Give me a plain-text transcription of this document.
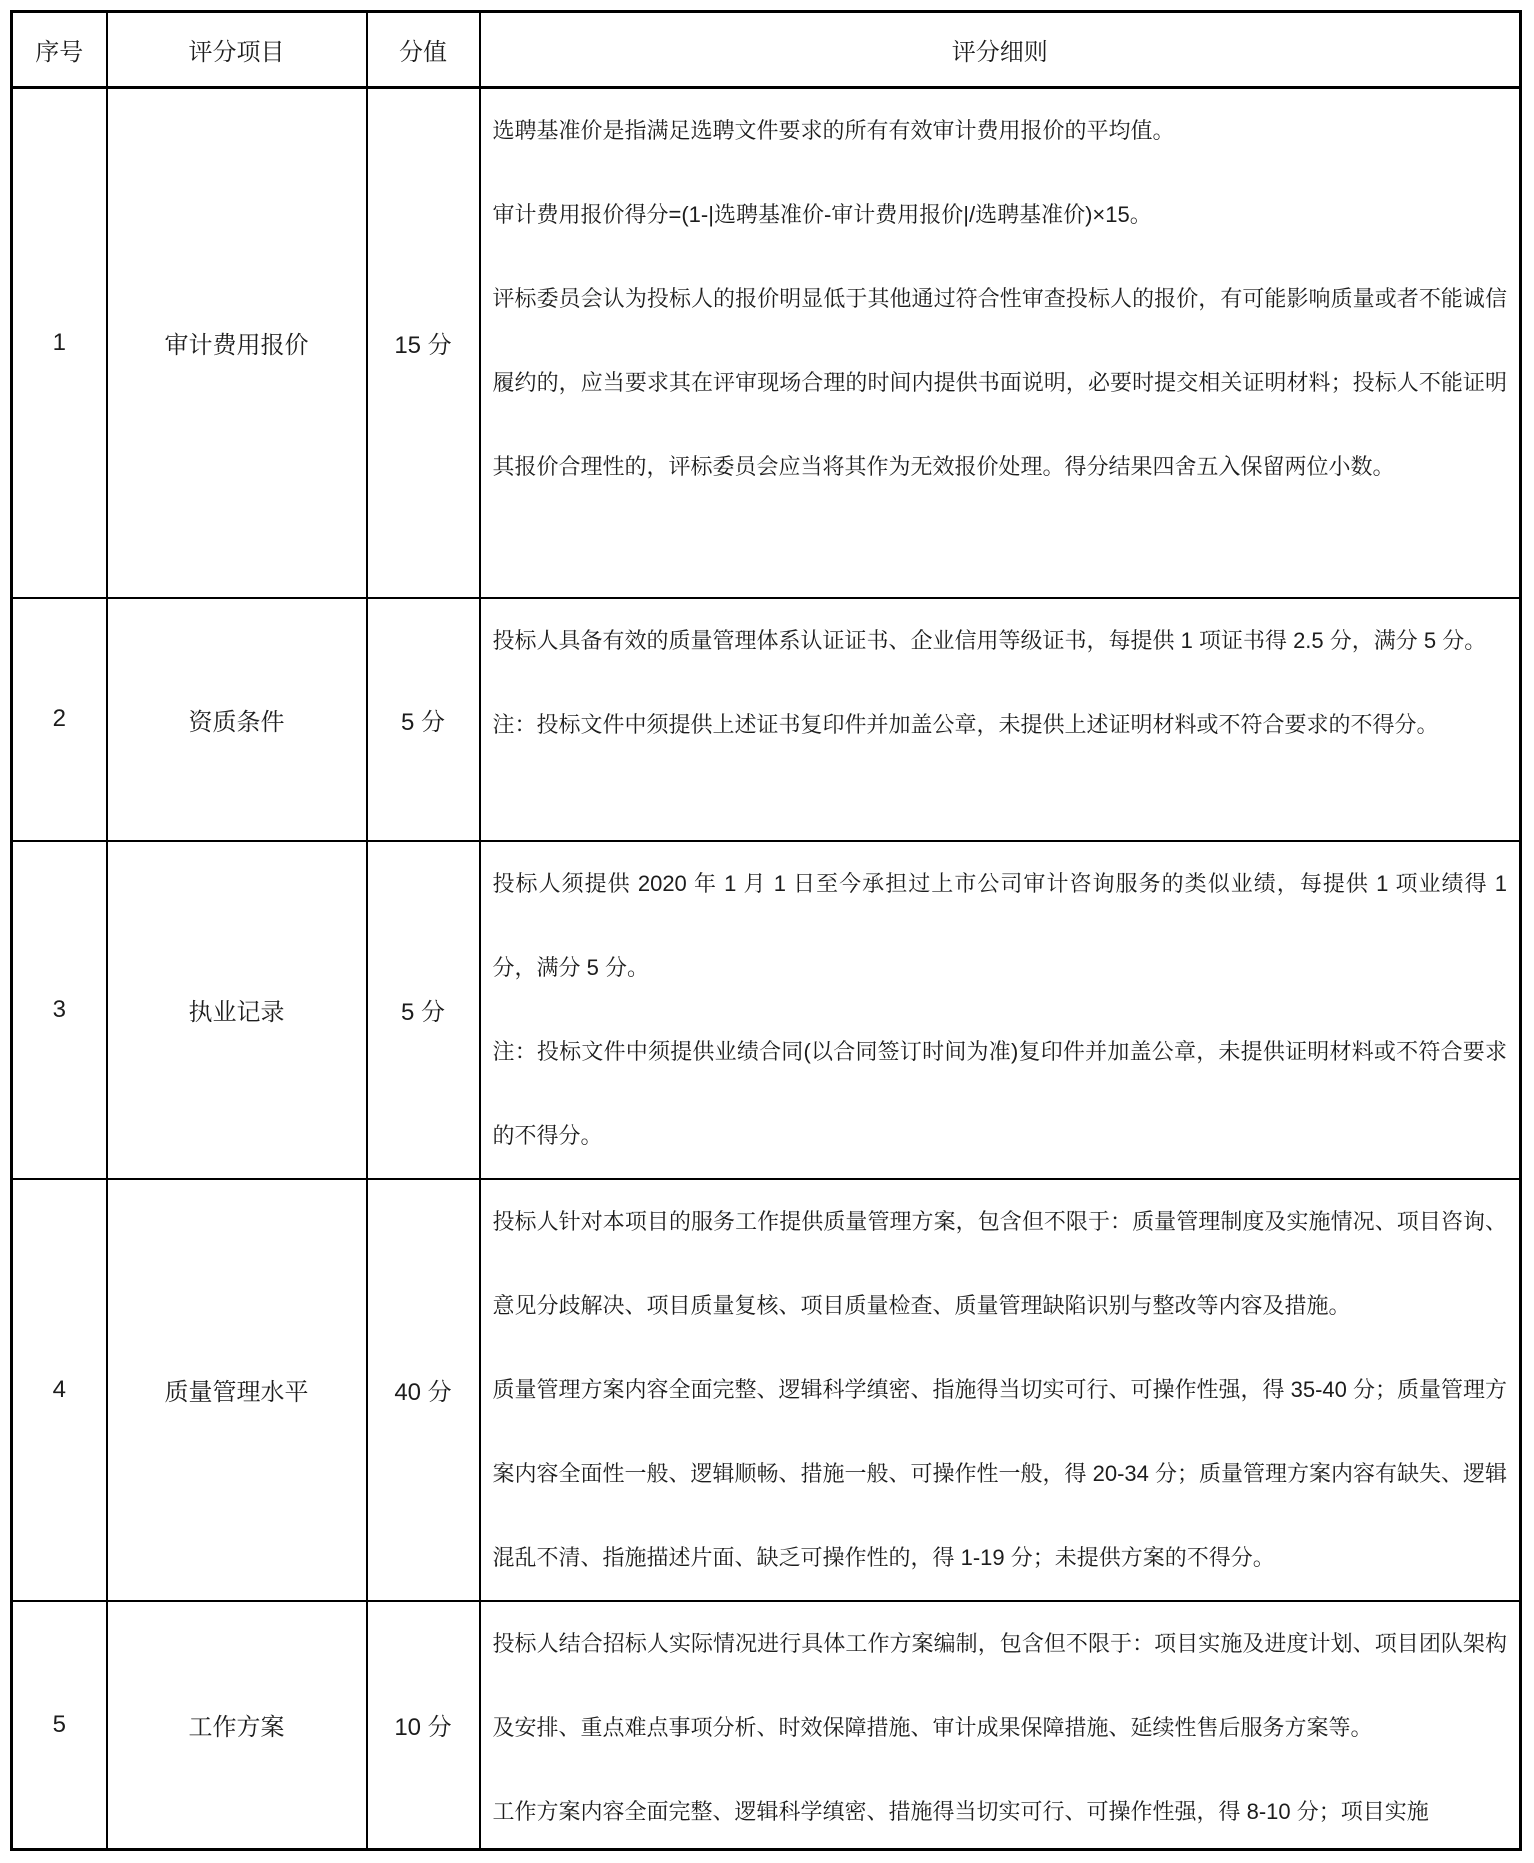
序号	评分项目	分值	评分细则
1	审计费用报价	15 分	选聘基准价是指满足选聘文件要求的所有有效审计费用报价的平均值。
审计费用报价得分=(1-|选聘基准价-审计费用报价|/选聘基准价)×15。
评标委员会认为投标人的报价明显低于其他通过符合性审查投标人的报价，有可能影响质量或者不能诚信履约的，应当要求其在评审现场合理的时间内提供书面说明，必要时提交相关证明材料；投标人不能证明其报价合理性的，评标委员会应当将其作为无效报价处理。得分结果四舍五入保留两位小数。

2	资质条件	5 分	投标人具备有效的质量管理体系认证证书、企业信用等级证书，每提供 1 项证书得 2.5 分，满分 5 分。
注：投标文件中须提供上述证书复印件并加盖公章，未提供上述证明材料或不符合要求的不得分。

3	执业记录	5 分	投标人须提供 2020 年 1 月 1 日至今承担过上市公司审计咨询服务的类似业绩，每提供 1 项业绩得 1 分，满分 5 分。
注：投标文件中须提供业绩合同(以合同签订时间为准)复印件并加盖公章，未提供证明材料或不符合要求的不得分。

4	质量管理水平	40 分	投标人针对本项目的服务工作提供质量管理方案，包含但不限于：质量管理制度及实施情况、项目咨询、意见分歧解决、项目质量复核、项目质量检查、质量管理缺陷识别与整改等内容及措施。
质量管理方案内容全面完整、逻辑科学缜密、指施得当切实可行、可操作性强，得 35-40 分；质量管理方案内容全面性一般、逻辑顺畅、措施一般、可操作性一般，得 20-34 分；质量管理方案内容有缺失、逻辑混乱不清、指施描述片面、缺乏可操作性的，得 1-19 分；未提供方案的不得分。

5	工作方案	10 分	投标人结合招标人实际情况进行具体工作方案编制，包含但不限于：项目实施及进度计划、项目团队架构及安排、重点难点事项分析、时效保障措施、审计成果保障措施、延续性售后服务方案等。
工作方案内容全面完整、逻辑科学缜密、措施得当切实可行、可操作性强，得 8-10 分；项目实施
